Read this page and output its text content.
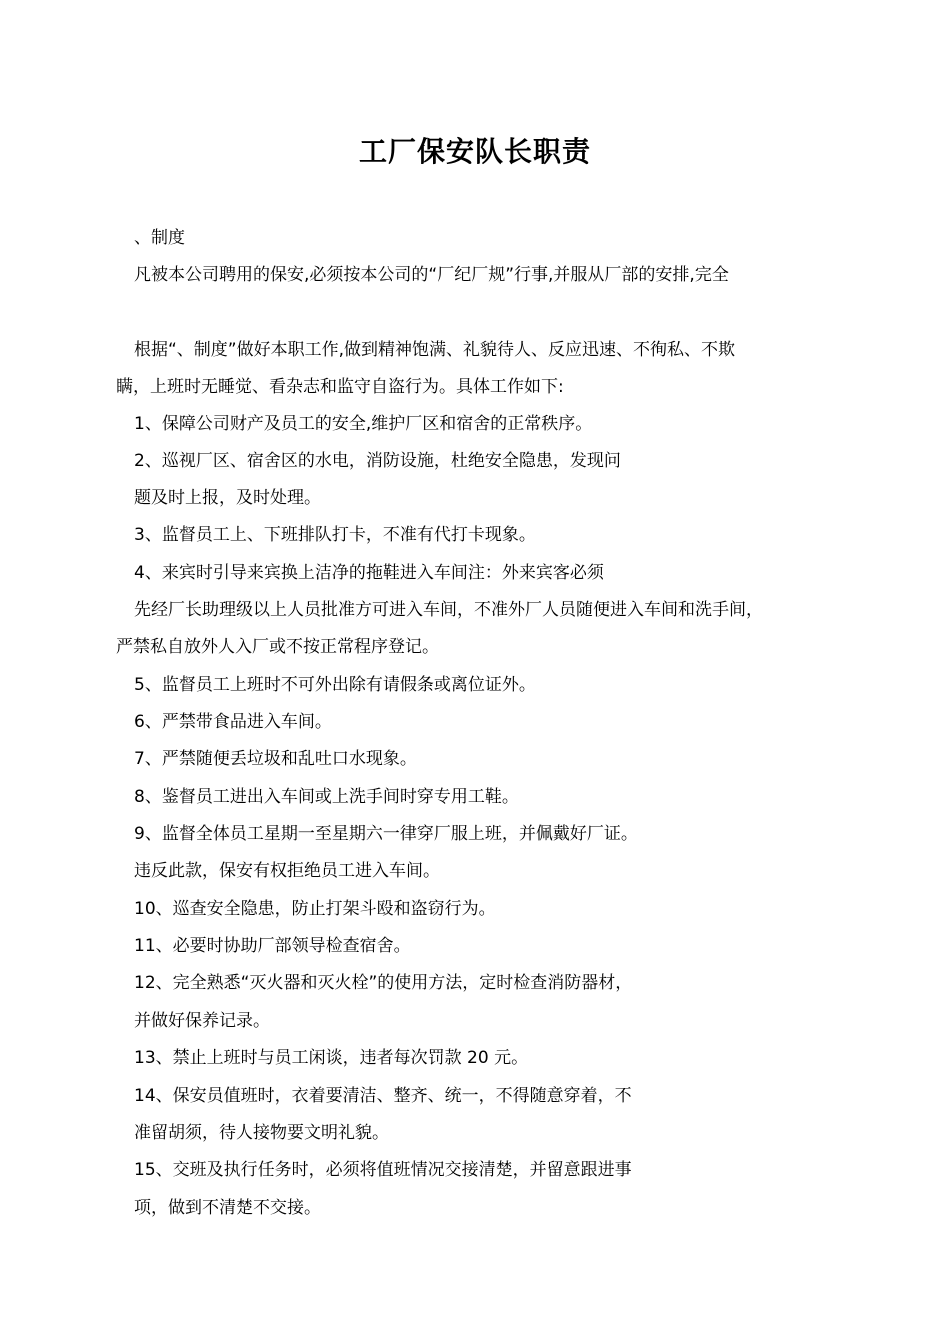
工厂保安队长职责
、制度
凡被本公司聘用的保安,必须按本公司的“厂纪厂规”行事,并服从厂部的安排,完全
根据“、制度”做好本职工作,做到精神饱满、礼貌待人、反应迅速、不徇私、不欺
瞒，上班时无睡觉、看杂志和监守自盗行为。具体工作如下:
1、保障公司财产及员工的安全,维护厂区和宿舍的正常秩序。
2、巡视厂区、宿舍区的水电，消防设施，杜绝安全隐患，发现问
题及时上报，及时处理。
3、监督员工上、下班排队打卡，不准有代打卡现象。
4、来宾时引导来宾换上洁净的拖鞋进入车间注：外来宾客必须
先经厂长助理级以上人员批准方可进入车间，不准外厂人员随便进入车间和洗手间，
严禁私自放外人入厂或不按正常程序登记。
5、监督员工上班时不可外出除有请假条或离位证外。
6、严禁带食品进入车间。
7、严禁随便丢垃圾和乱吐口水现象。
8、鉴督员工进出入车间或上洗手间时穿专用工鞋。
9、监督全体员工星期一至星期六一律穿厂服上班，并佩戴好厂证。
违反此款，保安有权拒绝员工进入车间。
10、巡查安全隐患，防止打架斗殴和盗窃行为。
11、必要时协助厂部领导检查宿舍。
12、完全熟悉“灭火器和灭火栓”的使用方法，定时检查消防器材，
并做好保养记录。
13、禁止上班时与员工闲谈，违者每次罚款 20 元。
14、保安员值班时，衣着要清洁、整齐、统一，不得随意穿着，不
准留胡须，待人接物要文明礼貌。
15、交班及执行任务时，必须将值班情况交接清楚，并留意跟进事
项，做到不清楚不交接。
